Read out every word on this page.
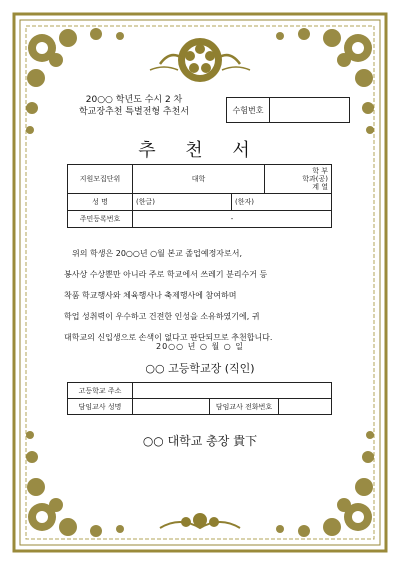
20○○ 학년도 수시 2 차
학교장추천 특별전형 추천서	수험번호
추 천 서
지원모집단위	대학		학 부
학과(공)
계 열

성 명	(한글)	(한자)	
주민등록번호	-		
위의 학생은 20○○년 ○월 본교 졸업예정자로서,
봉사상 수상뿐만 아니라 주로 학교에서 쓰레기 분리수거 등
착품 학교행사와 체육행사나 축제행사에 참여하며
학업 성취력이 우수하고 건전한 인성을 소유하였기에, 귀
대학교의 신입생으로 손색이 없다고 판단되므로 추천합니다.
20○○ 년 ○ 월 ○ 일
○○ 고등학교장 (직인)
고등학교 주소			
담임교사 성명		담임교사 전화번호	
○○ 대학교 총장 貴下
